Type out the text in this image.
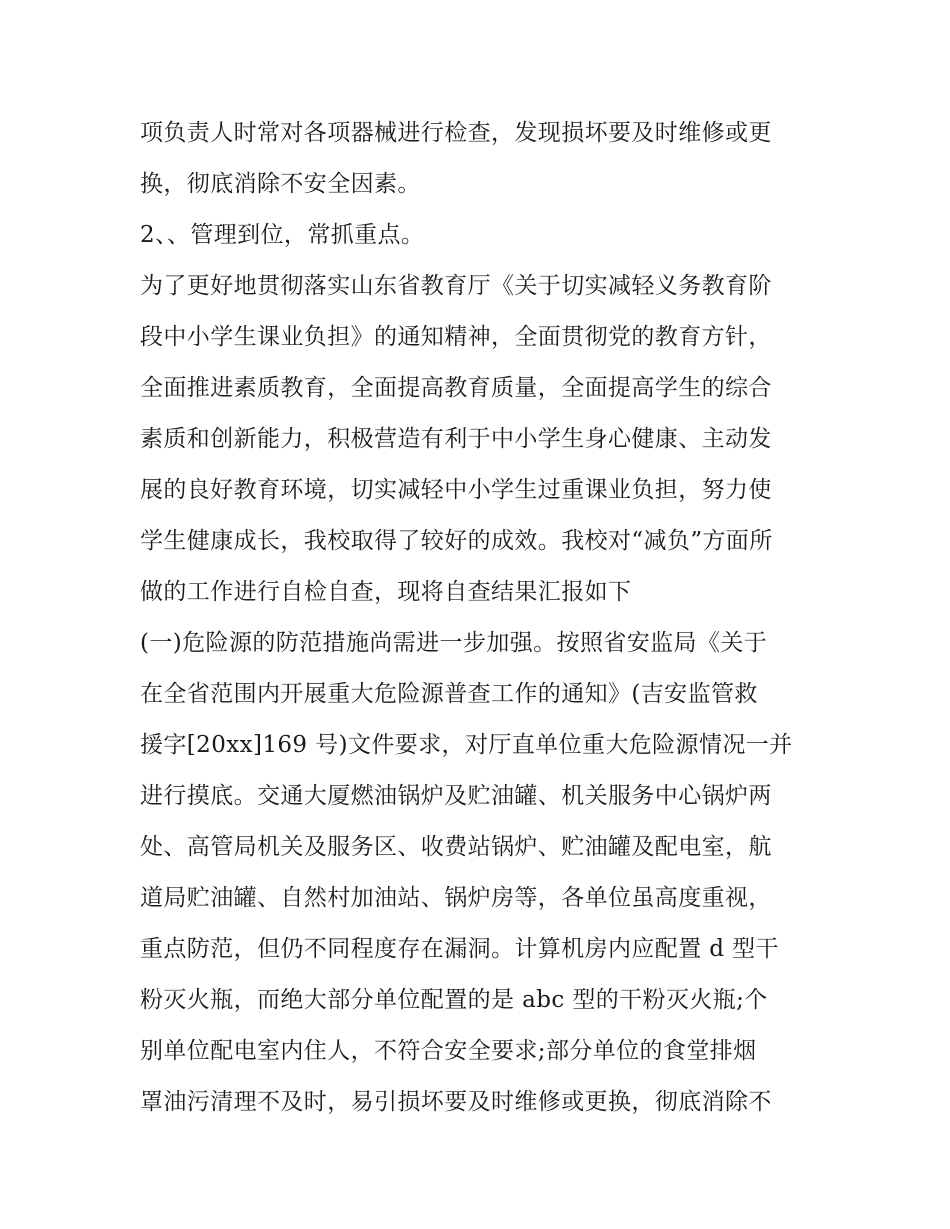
项负责人时常对各项器械进行检查，发现损坏要及时维修或更
换，彻底消除不安全因素。
2、、管理到位，常抓重点。
为了更好地贯彻落实山东省教育厅《关于切实减轻义务教育阶
段中小学生课业负担》的通知精神，全面贯彻党的教育方针，
全面推进素质教育，全面提高教育质量，全面提高学生的综合
素质和创新能力，积极营造有利于中小学生身心健康、主动发
展的良好教育环境，切实减轻中小学生过重课业负担，努力使
学生健康成长，我校取得了较好的成效。我校对“减负”方面所
做的工作进行自检自查，现将自查结果汇报如下
(一)危险源的防范措施尚需进一步加强。按照省安监局《关于
在全省范围内开展重大危险源普查工作的通知》(吉安监管救
援字[20xx]169 号)文件要求，对厅直单位重大危险源情况一并
进行摸底。交通大厦燃油锅炉及贮油罐、机关服务中心锅炉两
处、高管局机关及服务区、收费站锅炉、贮油罐及配电室，航
道局贮油罐、自然村加油站、锅炉房等，各单位虽高度重视，
重点防范，但仍不同程度存在漏洞。计算机房内应配置 d 型干
粉灭火瓶，而绝大部分单位配置的是 abc 型的干粉灭火瓶;个
别单位配电室内住人，不符合安全要求;部分单位的食堂排烟
罩油污清理不及时，易引损坏要及时维修或更换，彻底消除不
